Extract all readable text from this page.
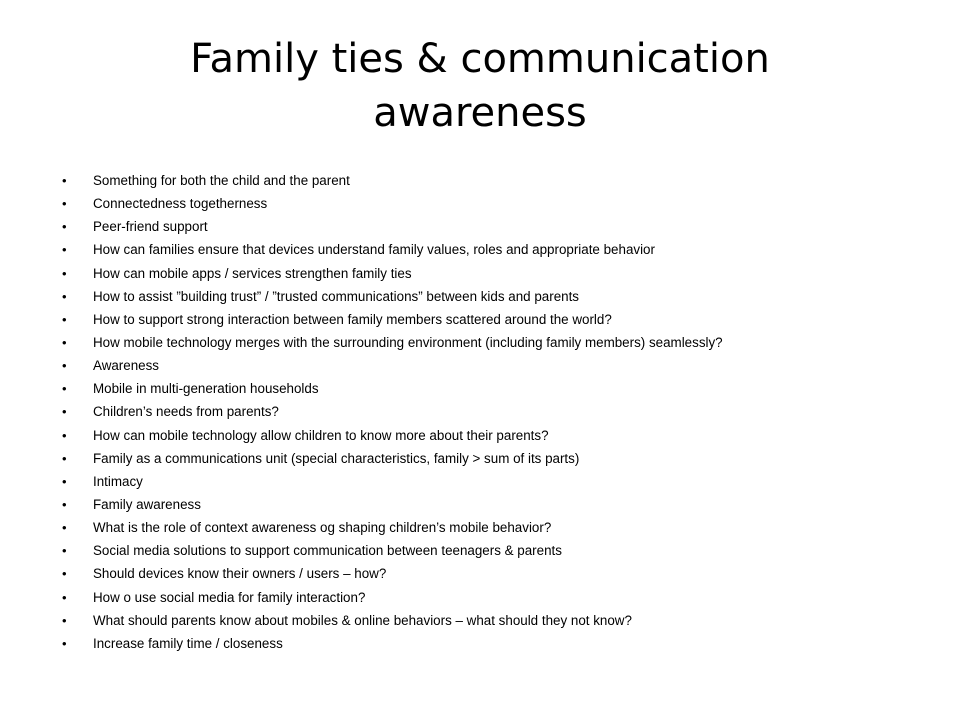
Family ties & communication awareness
•	Something for both the child and the parent
•	Connectedness togetherness
•	Peer-friend support
•	How can families ensure that devices understand family values, roles and appropriate behavior
•	How can mobile apps / services strengthen family ties
•	How to assist ”building trust” / ”trusted communications” between kids and parents
•	How to support strong interaction between family members scattered around the world?
•	How mobile technology merges with the surrounding environment (including family members) seamlessly?
•	Awareness
•	Mobile in multi-generation households
•	Children’s needs from parents?
•	How can mobile technology allow children to know more about their parents?
•	Family as a communications unit (special characteristics, family > sum of its parts)
•	Intimacy
•	Family awareness
•	What is the role of context awareness og shaping children’s mobile behavior?
•	Social media solutions to support communication between teenagers & parents
•	Should devices know their owners / users – how?
•	How o use social media for family interaction?
•	What should parents know about mobiles & online behaviors – what should they not know?
•	Increase family time / closeness
